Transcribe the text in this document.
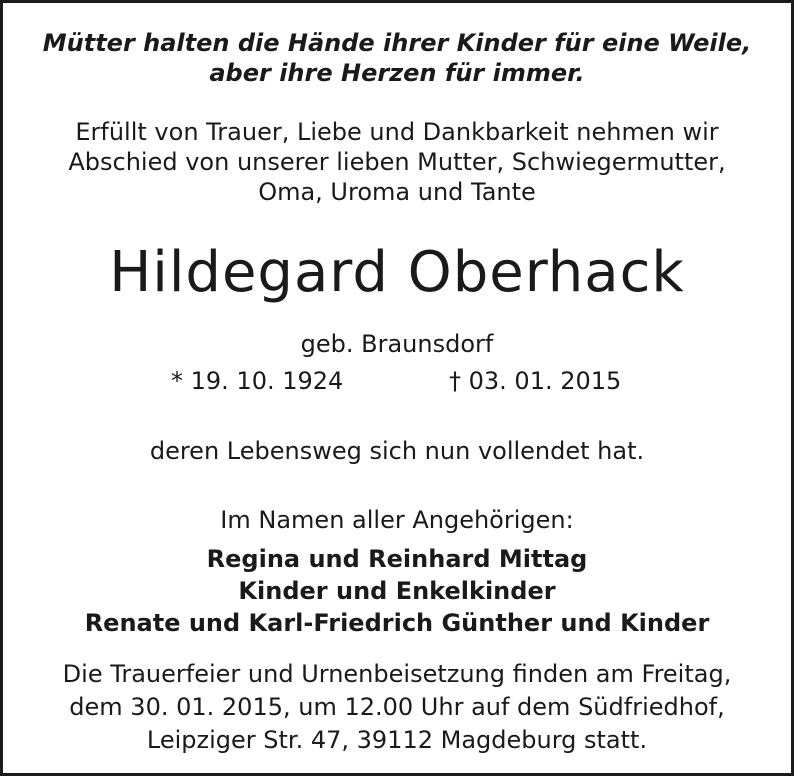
Mütter halten die Hände ihrer Kinder für eine Weile,
aber ihre Herzen für immer.
Erfüllt von Trauer, Liebe und Dankbarkeit nehmen wir
Abschied von unserer lieben Mutter, Schwiegermutter,
Oma, Uroma und Tante
Hildegard Oberhack
geb. Braunsdorf
* 19. 10. 1924	† 03. 01. 2015
deren Lebensweg sich nun vollendet hat.
Im Namen aller Angehörigen:
Regina und Reinhard Mittag
Kinder und Enkelkinder
Renate und Karl-Friedrich Günther und Kinder
Die Trauerfeier und Urnenbeisetzung finden am Freitag,
dem 30. 01. 2015, um 12.00 Uhr auf dem Südfriedhof,
Leipziger Str. 47, 39112 Magdeburg statt.
